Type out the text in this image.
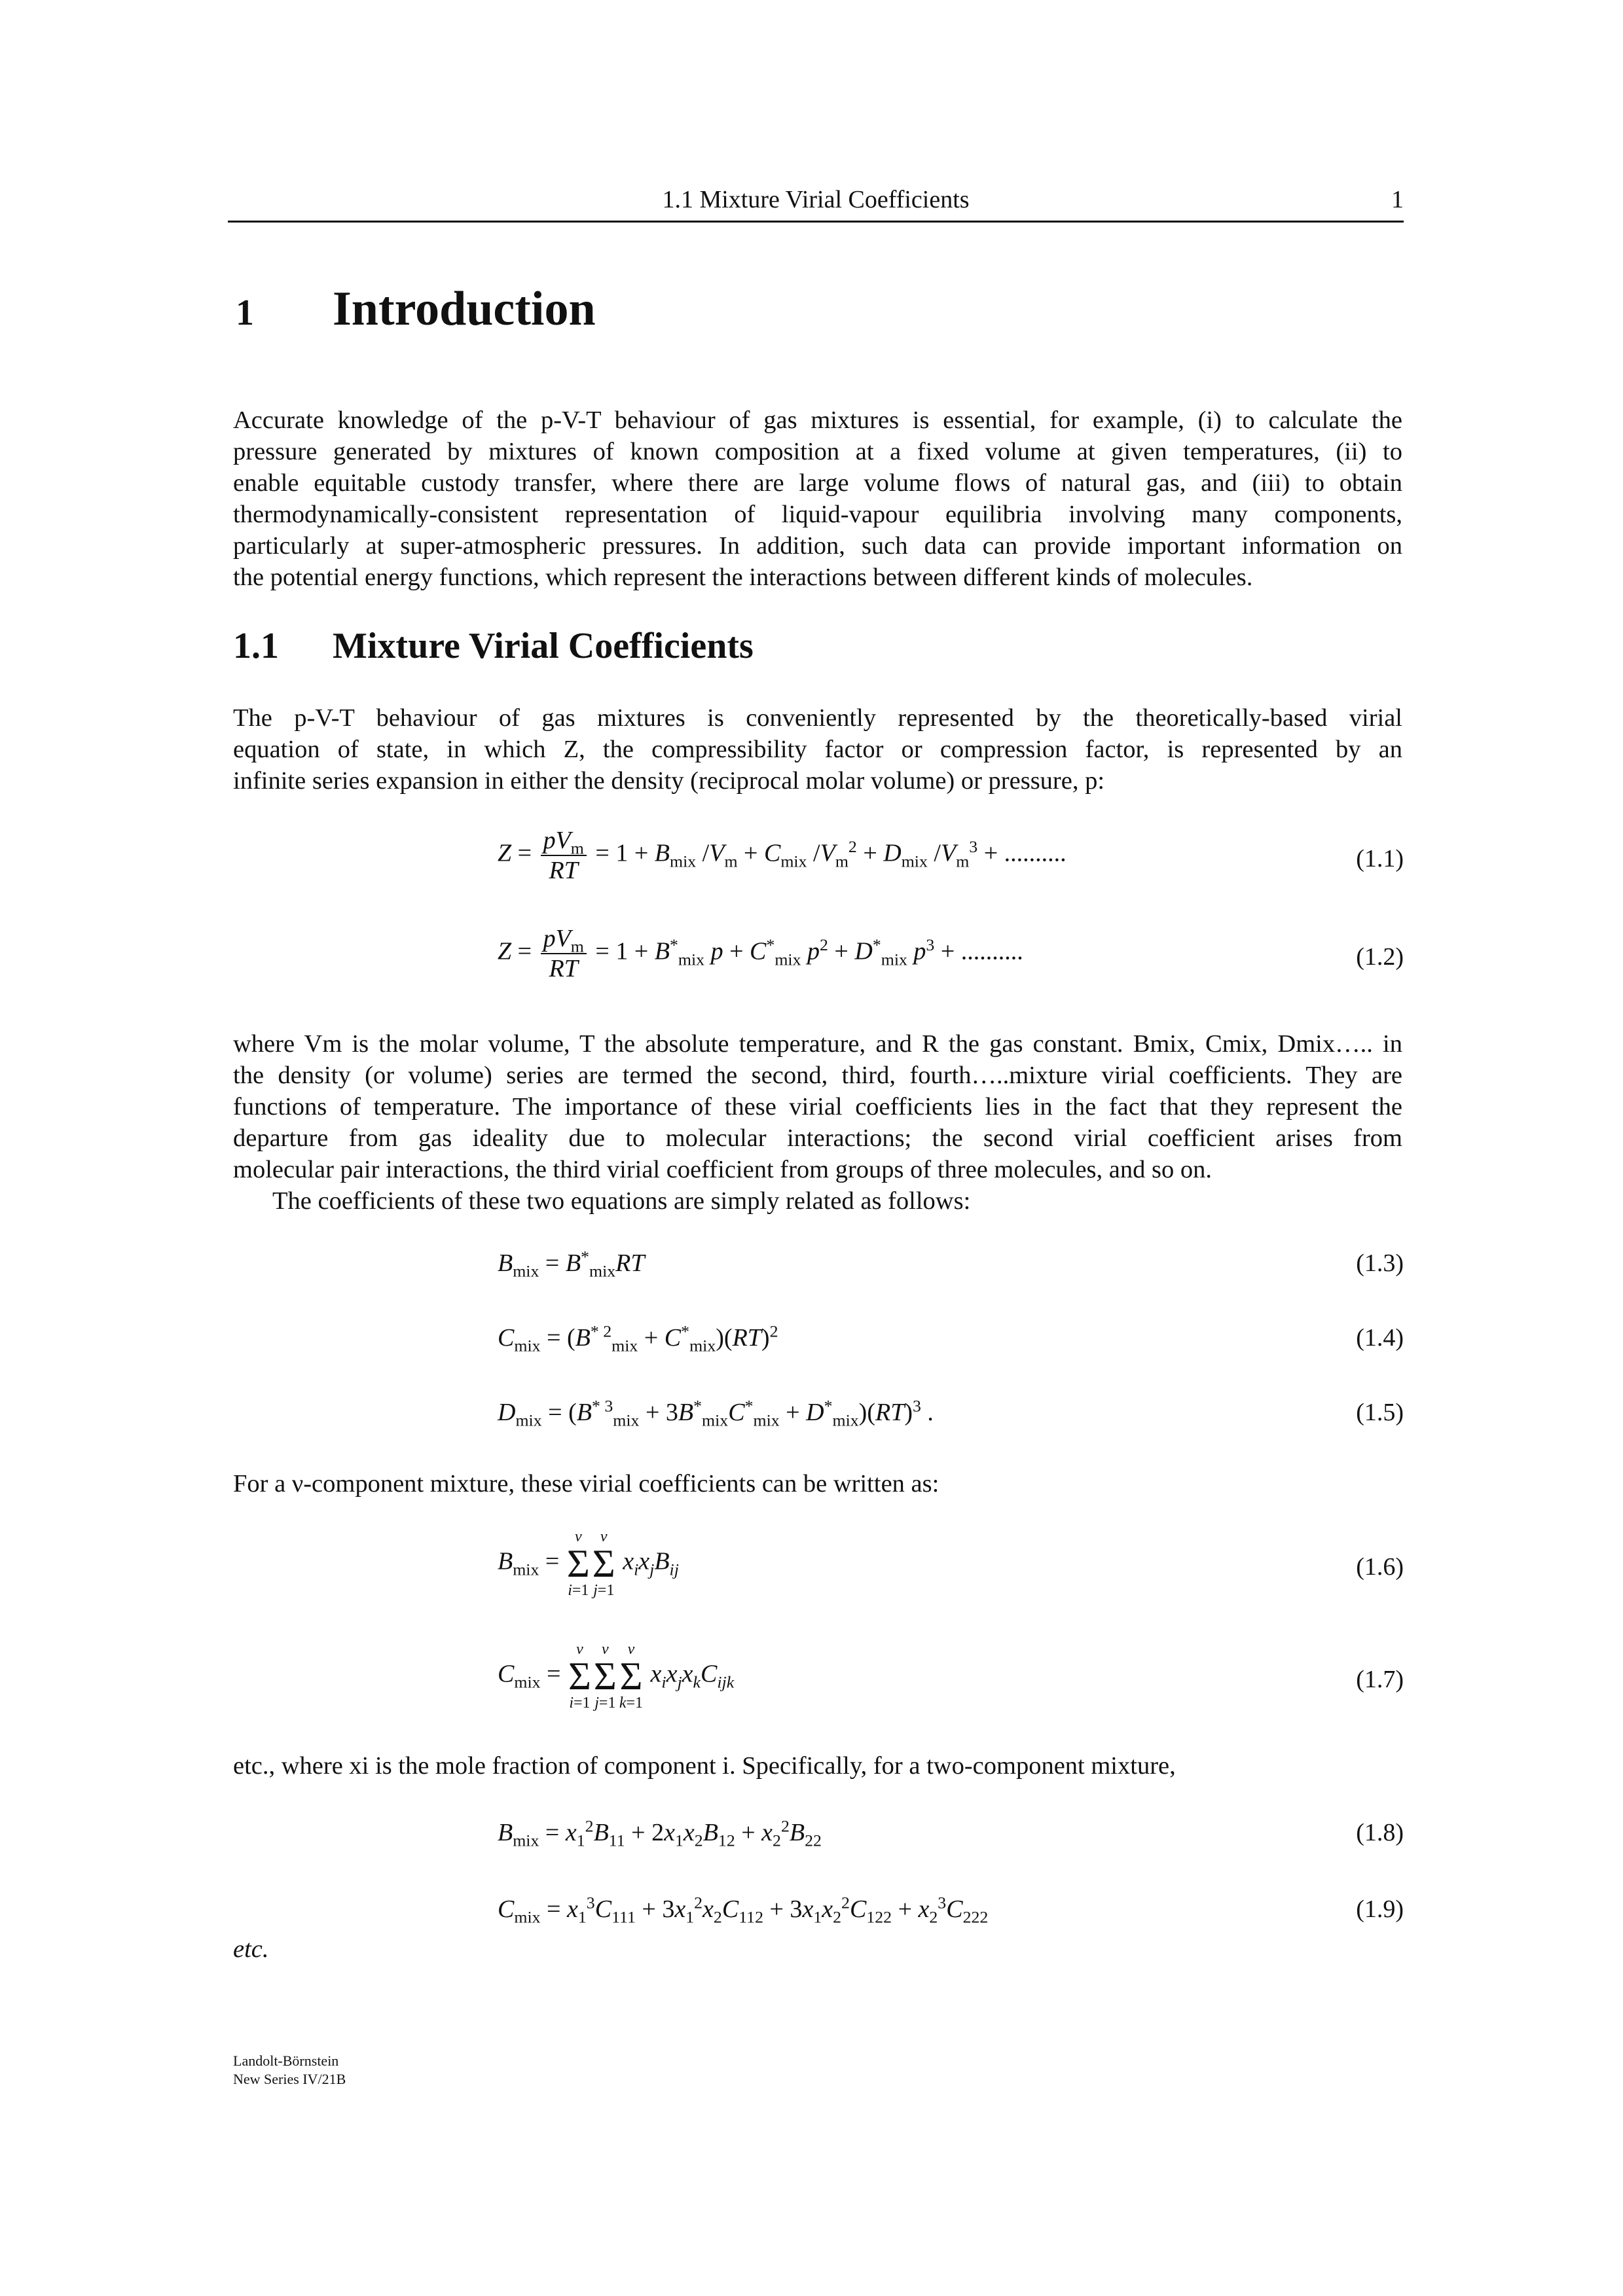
1.1 Mixture Virial Coefficients	1
1 Introduction
Accurate knowledge of the p-V-T behaviour of gas mixtures is essential, for example, (i) to calculate the
pressure generated by mixtures of known composition at a fixed volume at given temperatures, (ii) to
enable equitable custody transfer, where there are large volume flows of natural gas, and (iii) to obtain
thermodynamically-consistent representation of liquid-vapour equilibria involving many components,
particularly at super-atmospheric pressures. In addition, such data can provide important information on
the potential energy functions, which represent the interactions between different kinds of molecules.
1.1 Mixture Virial Coefficients
The p-V-T behaviour of gas mixtures is conveniently represented by the theoretically-based virial
equation of state, in which Z, the compressibility factor or compression factor, is represented by an
infinite series expansion in either the density (reciprocal molar volume) or pressure, p:
$Z = \frac{pV_m}{RT} = 1 + B_{mix}$ $/V_m + C_{mix}$ $/V_m^2 + D_{mix}$ $/V_m^3$ + ..........	(1.1)
$Z = \frac{pV_m}{RT} = 1 + B^*_{mix}$ $p + C^*_{mix}$ $p^2 + D^*_{mix}$ $p^3$ + ..........	(1.2)
where Vm is the molar volume, T the absolute temperature, and R the gas constant. Bmix, Cmix, Dmix….. in
the density (or volume) series are termed the second, third, fourth…..mixture virial coefficients. They are
functions of temperature. The importance of these virial coefficients lies in the fact that they represent the
departure from gas ideality due to molecular interactions; the second virial coefficient arises from
molecular pair interactions, the third virial coefficient from groups of three molecules, and so on.
The coefficients of these two equations are simply related as follows:
$B_{mix} = B^*_{mix}RT$	(1.3)
$C_{mix} = (B^{* 2}_{mix} + C^*_{mix})(RT)^2$	(1.4)
$D_{mix} = (B^{* 3}_{mix} + 3B^*_{mix}C^*_{mix} + D^*_{mix})(RT)^3$ .	(1.5)
For a ν-component mixture, these virial coefficients can be written as:
$B_{mix}$ =
ν
Σ
i=1
ν
Σ
j=1
$x_ix_jB_{ij}$	(1.6)
$C_{mix}$ =
ν
Σ
i=1
ν
Σ
j=1
ν
Σ
k=1
$x_ix_jx_kC_{ijk}$	(1.7)
etc., where xi is the mole fraction of component i. Specifically, for a two-component mixture,
$B_{mix} = x_1^2B_{11} + 2x_1x_2B_{12} + x_2^2B_{22}$	(1.8)
$C_{mix} = x_1^3C_{111} + 3x_1^2x_2C_{112} + 3x_1x_2^2C_{122} + x_2^3C_{222}$	(1.9)
etc.
Landolt-Börnstein
New Series IV/21B
